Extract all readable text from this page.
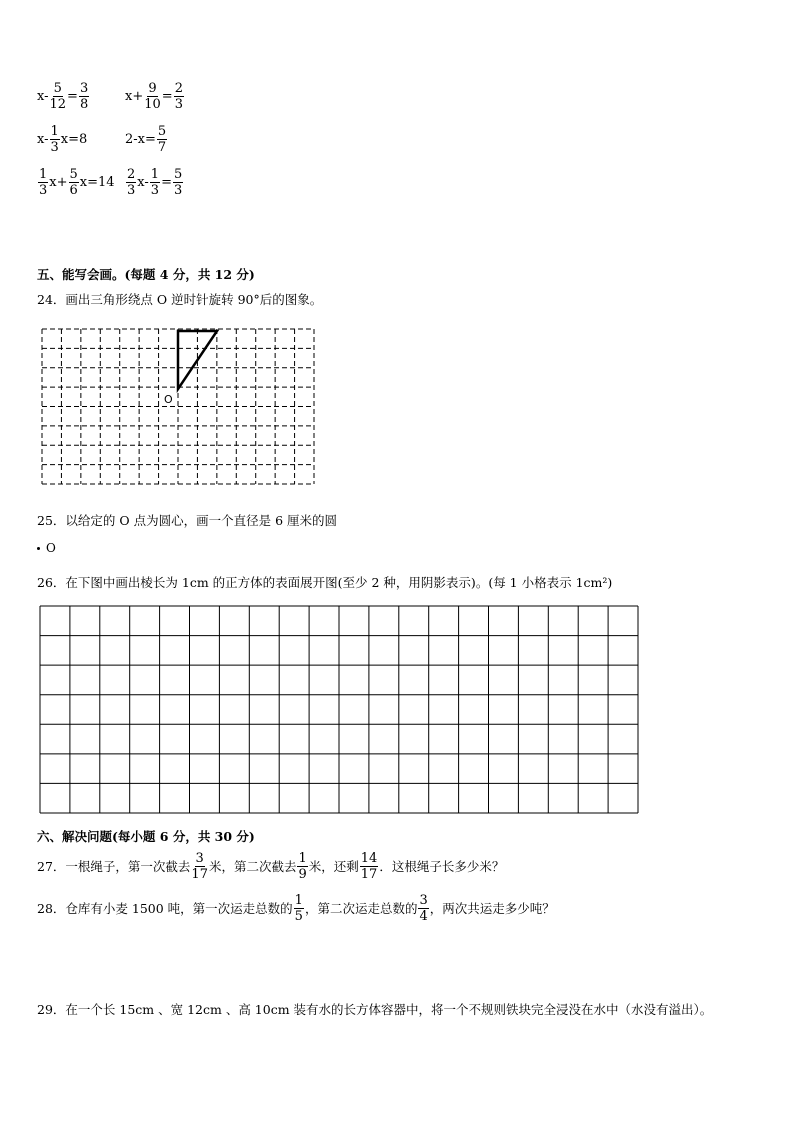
$x- \frac{5}{12} = \frac{3}{8}$	$x+ \frac{9}{10} = \frac{2}{3}$
$x- \frac{1}{3} x=8$	$2-x= \frac{5}{7}$
$\frac{1}{3} x+ \frac{5}{6} x=14 \frac{2}{3} x- \frac{1}{3} = \frac{5}{3}$
五、能写会画。(每题 4 分，共 12 分)
24．画出三角形绕点 O 逆时针旋转 90°后的图象。
O
25．以给定的 O 点为圆心，画一个直径是 6 厘米的圆
O
26．在下图中画出棱长为 1cm 的正方体的表面展开图(至少 2 种，用阴影表示)。(每 1 小格表示 1cm²)
六、解决问题(每小题 6 分，共 30 分)
27．一根绳子，第一次截去 $\frac{3}{17}$ 米，第二次截去 $\frac{1}{9}$ 米，还剩 $\frac{14}{17}$ ．这根绳子长多少米？
28．仓库有小麦 1500 吨，第一次运走总数的 $\frac{1}{5}$ ，第二次运走总数的 $\frac{3}{4}$ ，两次共运走多少吨？
29．在一个长 15cm 、宽 12cm 、高 10cm 装有水的长方体容器中，将一个不规则铁块完全浸没在水中（水没有溢出）。
